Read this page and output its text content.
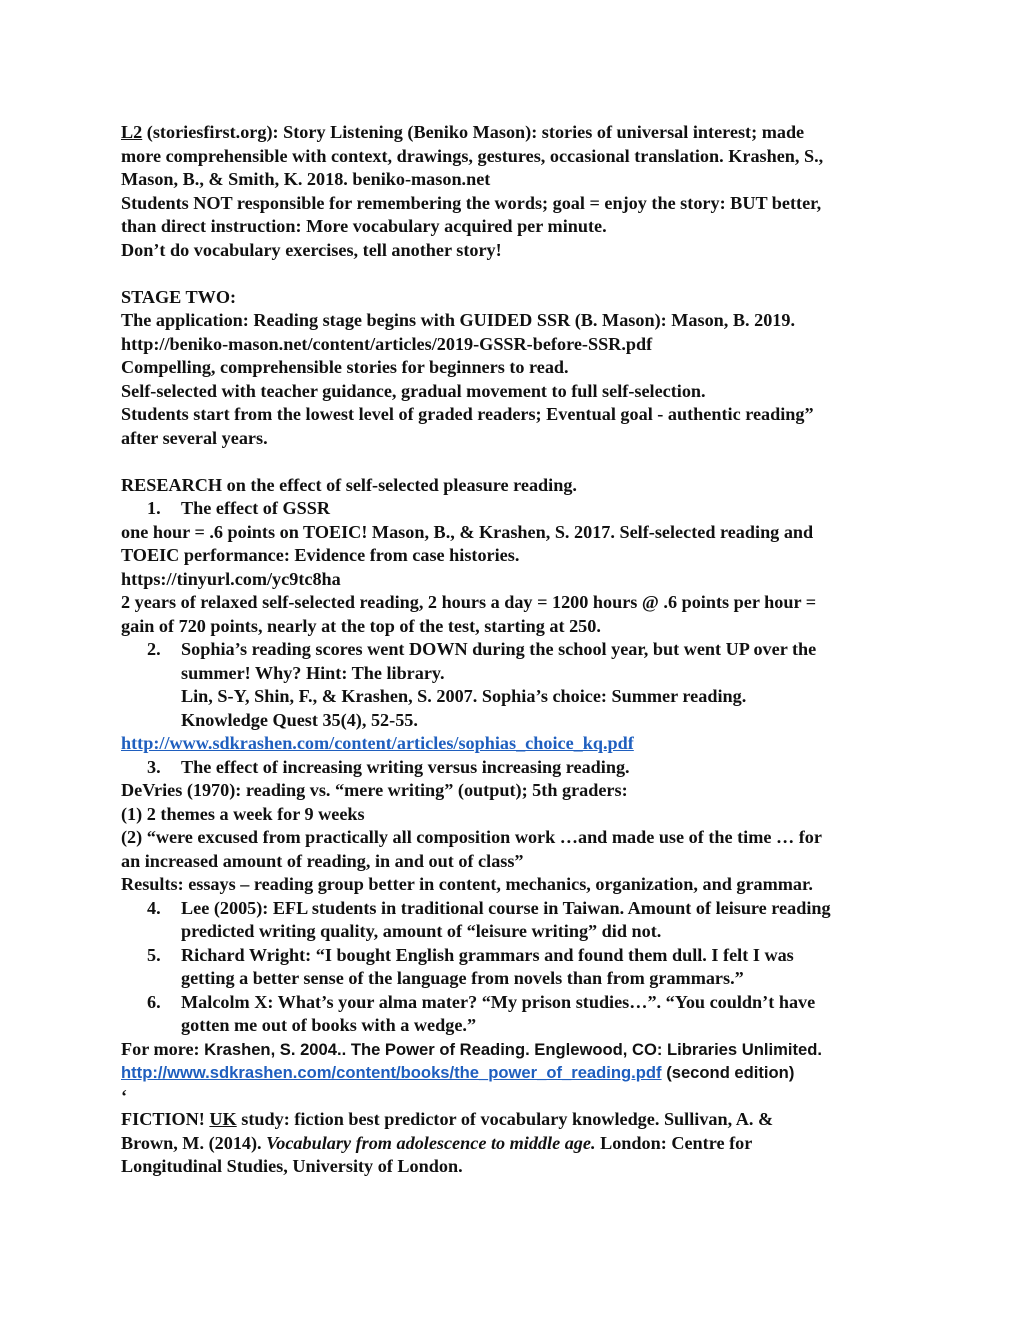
L2 (storiesfirst.org): Story Listening (Beniko Mason): stories of universal interest; made
more comprehensible with context, drawings, gestures, occasional translation. Krashen, S.,
Mason, B., & Smith, K. 2018. beniko-mason.net
Students NOT responsible for remembering the words; goal = enjoy the story: BUT better,
than direct instruction: More vocabulary acquired per minute.
Don’t do vocabulary exercises, tell another story!
STAGE TWO:
The application: Reading stage begins with GUIDED SSR (B. Mason): Mason, B. 2019.
http://beniko-mason.net/content/articles/2019-GSSR-before-SSR.pdf
Compelling, comprehensible stories for beginners to read.
Self-selected with teacher guidance, gradual movement to full self-selection.
Students start from the lowest level of graded readers; Eventual goal - authentic reading”
after several years.
RESEARCH on the effect of self-selected pleasure reading.
1. The effect of GSSR
one hour = .6 points on TOEIC! Mason, B., & Krashen, S. 2017. Self-selected reading and
TOEIC performance: Evidence from case histories.
https://tinyurl.com/yc9tc8ha
2 years of relaxed self-selected reading, 2 hours a day = 1200 hours @ .6 points per hour =
gain of 720 points, nearly at the top of the test, starting at 250.
2. Sophia’s reading scores went DOWN during the school year, but went UP over the
summer! Why? Hint: The library.
Lin, S-Y, Shin, F., & Krashen, S. 2007. Sophia’s choice: Summer reading.
Knowledge Quest 35(4), 52-55.
http://www.sdkrashen.com/content/articles/sophias_choice_kq.pdf
3. The effect of increasing writing versus increasing reading.
DeVries (1970): reading vs. “mere writing” (output); 5th graders:
(1) 2 themes a week for 9 weeks
(2) “were excused from practically all composition work …and made use of the time … for
an increased amount of reading, in and out of class”
Results: essays – reading group better in content, mechanics, organization, and grammar.
4. Lee (2005): EFL students in traditional course in Taiwan. Amount of leisure reading
predicted writing quality, amount of “leisure writing” did not.
5. Richard Wright: “I bought English grammars and found them dull. I felt I was
getting a better sense of the language from novels than from grammars.”
6. Malcolm X: What’s your alma mater? “My prison studies…”. “You couldn’t have
gotten me out of books with a wedge.”
For more: Krashen, S. 2004.. The Power of Reading. Englewood, CO: Libraries Unlimited.
http://www.sdkrashen.com/content/books/the_power_of_reading.pdf (second edition)
‘
FICTION! UK study: fiction best predictor of vocabulary knowledge. Sullivan, A. &
Brown, M. (2014). Vocabulary from adolescence to middle age. London: Centre for
Longitudinal Studies, University of London.
